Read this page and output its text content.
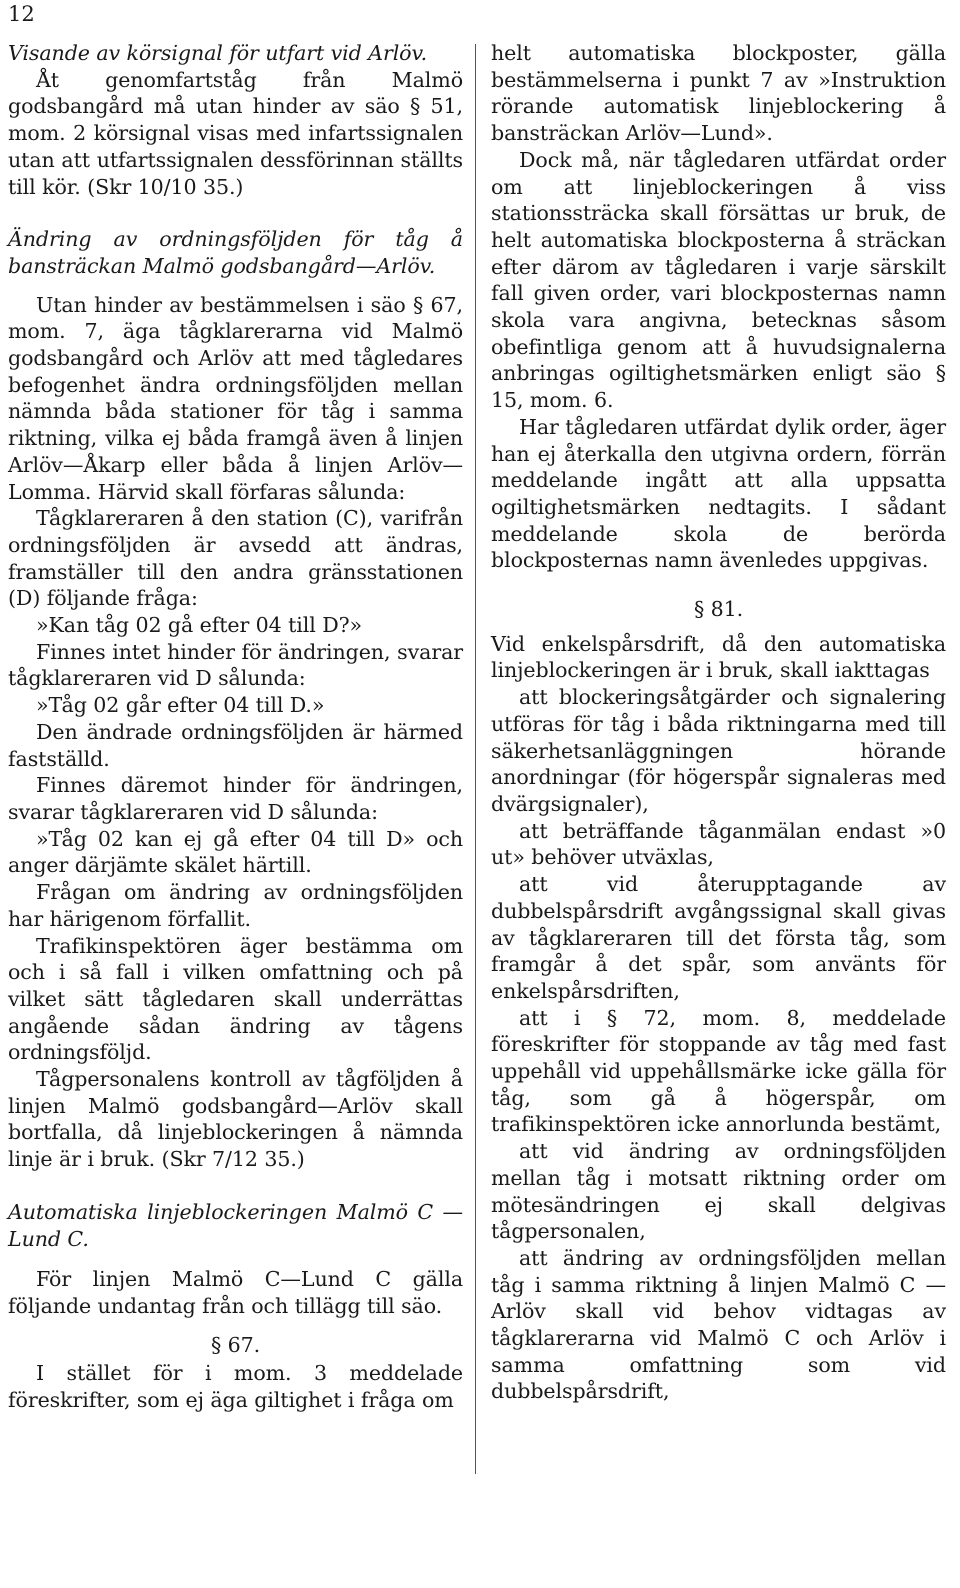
12

Visande av körsignal för utfart vid Arlöv.

Åt genomfartståg från Malmö godsbangård må utan hinder av säo § 51, mom. 2 körsignal visas med infartssignalen utan att utfartssignalen dessförinnan ställts till kör. (Skr 10/10 35.)

Ändring av ordningsföljden för tåg å bansträckan Malmö godsbangård—Arlöv.

Utan hinder av bestämmelsen i säo § 67, mom. 7, äga tågklarerarna vid Malmö godsbangård och Arlöv att med tågledares befogenhet ändra ordningsföljden mellan nämnda båda stationer för tåg i samma riktning, vilka ej båda framgå även å linjen Arlöv—Åkarp eller båda å linjen Arlöv—Lomma. Härvid skall förfaras sålunda:

Tågklareraren å den station (C), varifrån ordningsföljden är avsedd att ändras, framställer till den andra gränsstationen (D) följande fråga:

»Kan tåg 02 gå efter 04 till D?»

Finnes intet hinder för ändringen, svarar tågklareraren vid D sålunda:

»Tåg 02 går efter 04 till D.»

Den ändrade ordningsföljden är härmed fastställd.

Finnes däremot hinder för ändringen, svarar tågklareraren vid D sålunda:

»Tåg 02 kan ej gå efter 04 till D» och anger därjämte skälet härtill.

Frågan om ändring av ordningsföljden har härigenom förfallit.

Trafikinspektören äger bestämma om och i så fall i vilken omfattning och på vilket sätt tågledaren skall underrättas angående sådan ändring av tågens ordningsföljd.

Tågpersonalens kontroll av tågföljden å linjen Malmö godsbangård—Arlöv skall bortfalla, då linjeblockeringen å nämnda linje är i bruk. (Skr 7/12 35.)

Automatiska linjeblockeringen Malmö C —Lund C.

För linjen Malmö C—Lund C gälla följande undantag från och tillägg till säo.

§ 67.

I stället för i mom. 3 meddelade föreskrifter, som ej äga giltighet i fråga om

helt automatiska blockposter, gälla bestämmelserna i punkt 7 av »Instruktion rörande automatisk linjeblockering å bansträckan Arlöv—Lund».

Dock må, när tågledaren utfärdat order om att linjeblockeringen å viss stationssträcka skall försättas ur bruk, de helt automatiska blockposterna å sträckan efter därom av tågledaren i varje särskilt fall given order, vari blockposternas namn skola vara angivna, betecknas såsom obefintliga genom att å huvudsignalerna anbringas ogiltighetsmärken enligt säo § 15, mom. 6.

Har tågledaren utfärdat dylik order, äger han ej återkalla den utgivna ordern, förrän meddelande ingått att alla uppsatta ogiltighetsmärken nedtagits. I sådant meddelande skola de berörda blockposternas namn ävenledes uppgivas.

§ 81.

Vid enkelspårsdrift, då den automatiska linjeblockeringen är i bruk, skall iakttagas

att blockeringsåtgärder och signalering utföras för tåg i båda riktningarna med till säkerhetsanläggningen hörande anordningar (för högerspår signaleras med dvärgsignaler),

att beträffande tåganmälan endast »0 ut» behöver utväxlas,

att vid återupptagande av dubbelspårsdrift avgångssignal skall givas av tågklareraren till det första tåg, som framgår å det spår, som använts för enkelspårsdriften,

att i § 72, mom. 8, meddelade föreskrifter för stoppande av tåg med fast uppehåll vid uppehållsmärke icke gälla för tåg, som gå å högerspår, om trafikinspektören icke annorlunda bestämt,

att vid ändring av ordningsföljden mellan tåg i motsatt riktning order om mötesändringen ej skall delgivas tågpersonalen,

att ändring av ordningsföljden mellan tåg i samma riktning å linjen Malmö C —Arlöv skall vid behov vidtagas av tågklarerarna vid Malmö C och Arlöv i samma omfattning som vid dubbelspårsdrift,
